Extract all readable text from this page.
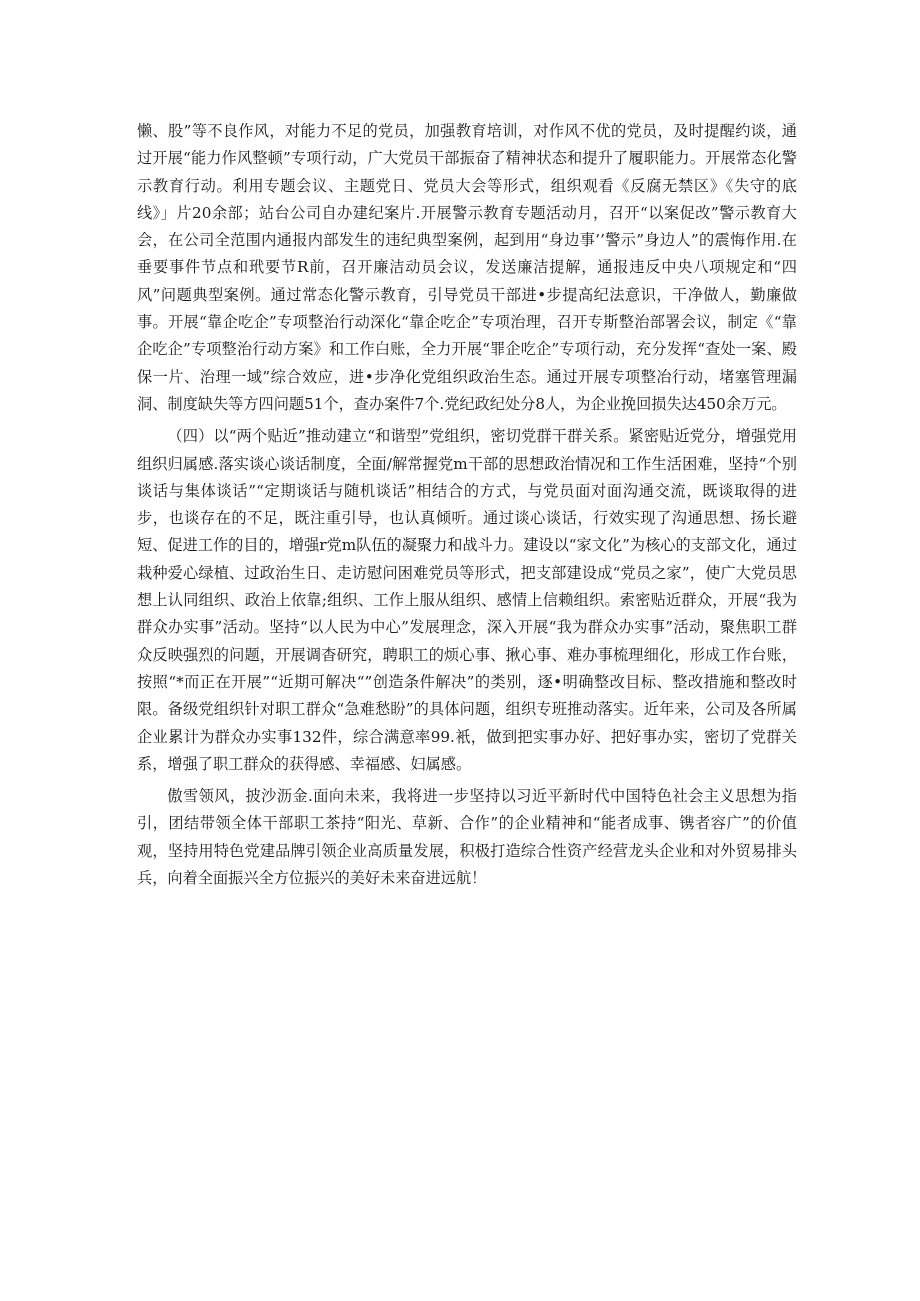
懒、股”等不良作风，对能力不足的党员，加强教育培训，对作风不优的党员，及时提醒约谈，通过开展“能力作风整顿”专项行动，广大党员干部振奋了精神状态和提升了履职能力。开展常态化警示教育行动。利用专题会议、主题党日、党员大会等形式，组织观看《反腐无禁区》《失守的底线》」片20余部；站台公司自办建纪案片.开展警示教育专题活动月，召开“以案促改”警示教育大会，在公司全范围内通报内部发生的违纪典型案例，起到用“身边事’’警示”身边人”的震悔作用.在垂要事件节点和玳要节R前，召开廉洁动员会议，发送廉洁提解，通报违反中央八项规定和“四风”问题典型案例。通过常态化警示教育，引导党员干部进•步提高纪法意识，干净做人，勤廉做事。开展“靠企吃企”专项整治行动深化“靠企吃企”专项治理，召开专斯整治部署会议，制定《“靠企吃企”专项整治行动方案》和工作白账，全力开展“罪企吃企”专项行动，充分发挥“查处一案、殿保一片、治理一域”综合效应，进•步净化党组织政治生态。通过开展专项整冶行动，堵塞管理漏洞、制度缺失等方四问题51个，查办案件7个.党纪政纪处分8人，为企业挽回损失达450余万元。

（四）以“两个贴近”推动建立“和谐型”党组织，密切党群干群关系。紧密贴近党分，增强党用组织归属感.落实谈心谈话制度，全面/解常握党m干部的思想政治情况和工作生活困难，坚持“个别谈话与集体谈话”“定期谈话与随机谈话”相结合的方式，与党员面对面沟通交流，既谈取得的进步，也谈存在的不足，既注重引导，也认真倾听。通过谈心谈话，行效实现了沟通思想、扬长避短、促进工作的目的，增强r党m队伍的凝聚力和战斗力。建设以“家文化”为核心的支部文化，通过栽种爱心绿植、过政治生日、走访慰问困难党员等形式，把支部建设成“党员之家”，使广大党员思想上认同组织、政治上依靠;组织、工作上服从组织、感情上信赖组织。索密贴近群众，开展“我为群众办实事”活动。坚持“以人民为中心”发展理念，深入开展“我为群众办实事”活动，聚焦职工群众反映强烈的问题，开展调杳研究，聘职工的烦心事、揪心事、难办事梳理细化，形成工作台账，按照“*而正在开展”“近期可解决“”创造条件解决”的类别，逐•明确整改目标、整改措施和整改时限。备级党组织针对职工群众“急难愁盼”的具体问题，组织专班推动落实。近年来，公司及各所属企业累计为群众办实事132件，综合满意率99.衹，做到把实事办好、把好事办实，密切了党群关系，增强了职工群众的获得感、幸福感、妇属感。

傲雪领风，披沙沥金.面向未来，我将进一步坚持以习近平新时代中国特色社会主义思想为指引，团结带领全体干部职工茶持“阳光、草新、合作”的企业精神和“能者成事、镌者容广”的价值观，坚持用特色党建品牌引领企业高质量发展，积极打造综合性资产经营龙头企业和对外贸易排头兵，向着全面振兴全方位振兴的美好未来奋进远航！
